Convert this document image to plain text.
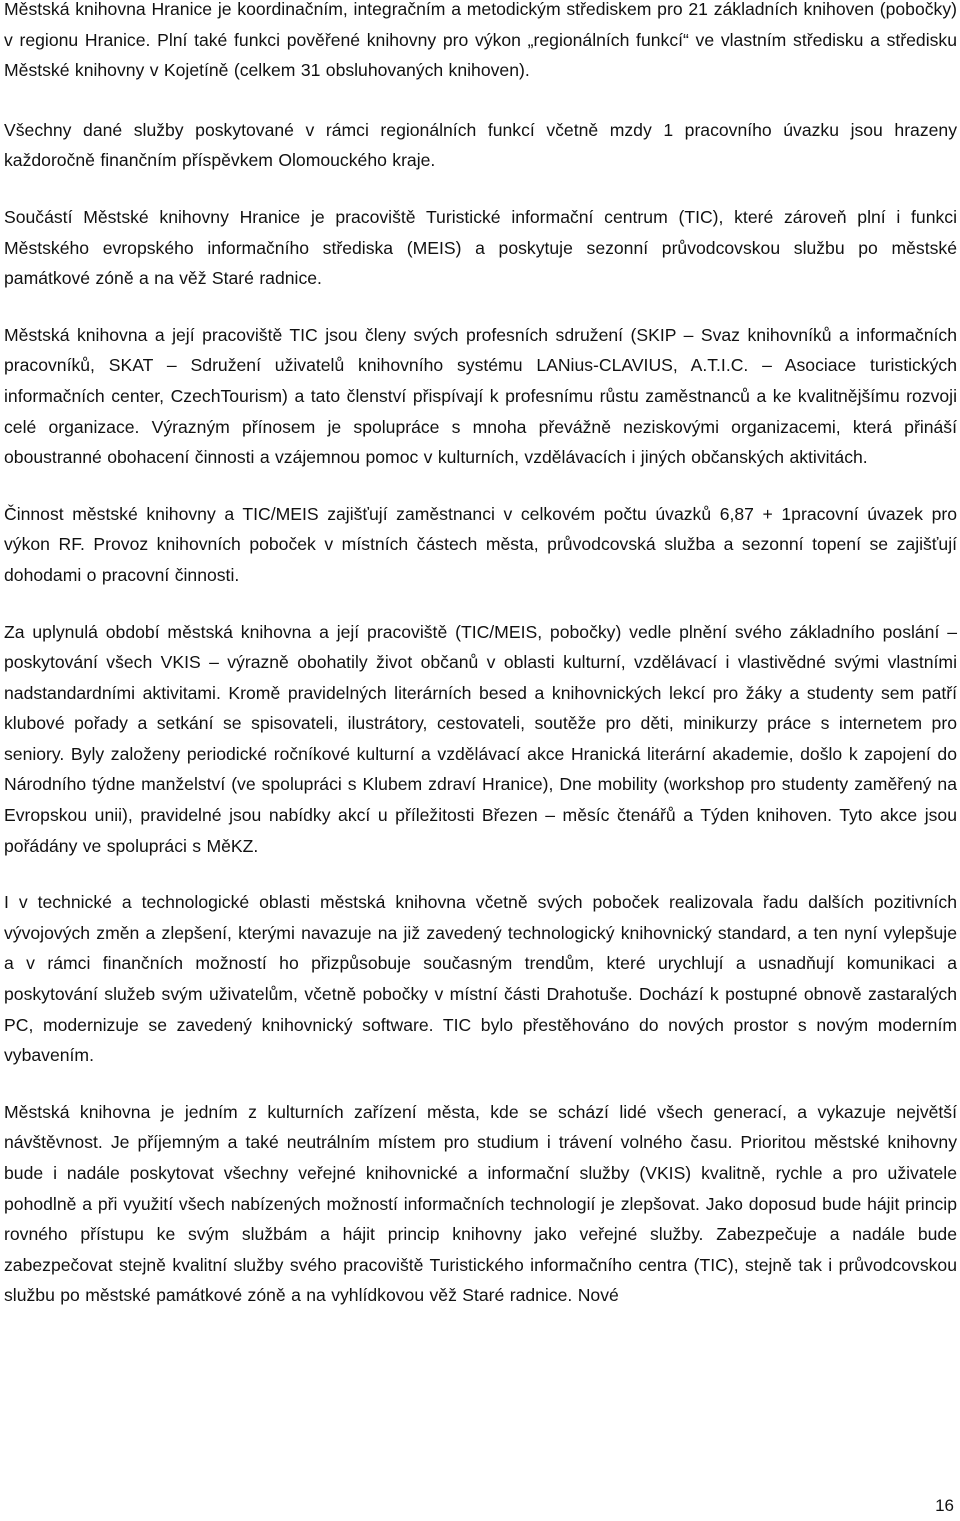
Městská knihovna Hranice je koordinačním, integračním a metodickým střediskem pro 21 základních knihoven (pobočky) v regionu Hranice. Plní také funkci pověřené knihovny pro výkon „regionálních funkcí“ ve vlastním středisku a středisku Městské knihovny v Kojetíně (celkem 31 obsluhovaných knihoven).

Všechny dané služby poskytované v rámci regionálních funkcí včetně mzdy 1 pracovního úvazku jsou hrazeny každoročně finančním příspěvkem Olomouckého kraje.

Součástí Městské knihovny Hranice je pracoviště Turistické informační centrum (TIC), které zároveň plní i funkci Městského evropského informačního střediska (MEIS) a poskytuje sezonní průvodcovskou službu po městské památkové zóně a na věž Staré radnice.

Městská knihovna a její pracoviště TIC jsou členy svých profesních sdružení (SKIP – Svaz knihovníků a informačních pracovníků, SKAT – Sdružení uživatelů knihovního systému LANius-CLAVIUS, A.T.I.C. – Asociace turistických informačních center, CzechTourism) a tato členství přispívají k profesnímu růstu zaměstnanců a ke kvalitnějšímu rozvoji celé organizace. Výrazným přínosem je spolupráce s mnoha převážně neziskovými organizacemi, která přináší oboustranné obohacení činnosti a vzájemnou pomoc v kulturních, vzdělávacích i jiných občanských aktivitách.

Činnost městské knihovny a TIC/MEIS zajišťují zaměstnanci v celkovém počtu úvazků 6,87 + 1pracovní úvazek pro výkon RF. Provoz knihovních poboček v místních částech města, průvodcovská služba a sezonní topení se zajišťují dohodami o pracovní činnosti.

Za uplynulá období městská knihovna a její pracoviště (TIC/MEIS, pobočky) vedle plnění svého základního poslání – poskytování všech VKIS – výrazně obohatily život občanů v oblasti kulturní, vzdělávací i vlastivědné svými vlastními nadstandardními aktivitami. Kromě pravidelných literárních besed a knihovnických lekcí pro žáky a studenty sem patří klubové pořady a setkání se spisovateli, ilustrátory, cestovateli, soutěže pro děti, minikurzy práce s internetem pro seniory. Byly založeny periodické ročníkové kulturní a vzdělávací akce Hranická literární akademie, došlo k zapojení do Národního týdne manželství (ve spolupráci s Klubem zdraví Hranice), Dne mobility (workshop pro studenty zaměřený na Evropskou unii), pravidelné jsou nabídky akcí u příležitosti Březen – měsíc čtenářů a Týden knihoven. Tyto akce jsou pořádány ve spolupráci s MěKZ.

I v technické a technologické oblasti městská knihovna včetně svých poboček realizovala řadu dalších pozitivních vývojových změn a zlepšení, kterými navazuje na již zavedený technologický knihovnický standard, a ten nyní vylepšuje a v rámci finančních možností ho přizpůsobuje současným trendům, které urychlují a usnadňují komunikaci a poskytování služeb svým uživatelům, včetně pobočky v místní části Drahotuše. Dochází k postupné obnově zastaralých PC, modernizuje se zavedený knihovnický software. TIC bylo přestěhováno do nových prostor s novým moderním vybavením.

Městská knihovna je jedním z kulturních zařízení města, kde se schází lidé všech generací, a vykazuje největší návštěvnost. Je příjemným a také neutrálním místem pro studium i trávení volného času. Prioritou městské knihovny bude i nadále poskytovat všechny veřejné knihovnické a informační služby (VKIS) kvalitně, rychle a pro uživatele pohodlně a při využití všech nabízených možností informačních technologií je zlepšovat. Jako doposud bude hájit princip rovného přístupu ke svým službám a hájit princip knihovny jako veřejné služby. Zabezpečuje a nadále bude zabezpečovat stejně kvalitní služby svého pracoviště Turistického informačního centra (TIC), stejně tak i průvodcovskou službu po městské památkové zóně a na vyhlídkovou věž Staré radnice. Nové

16
